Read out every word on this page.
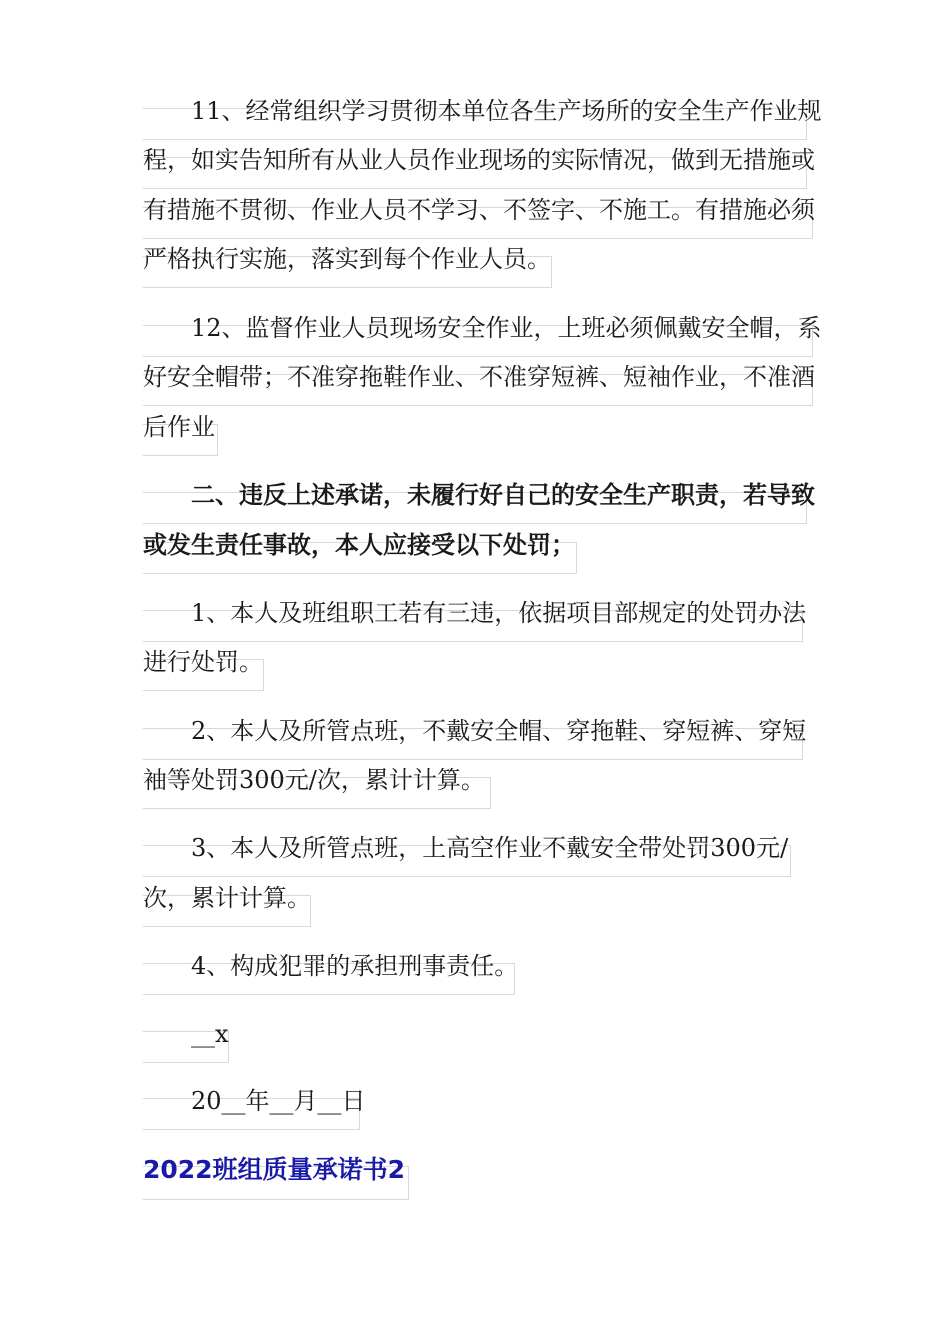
11、经常组织学习贯彻本单位各生产场所的安全生产作业规
程，如实告知所有从业人员作业现场的实际情况，做到无措施或
有措施不贯彻、作业人员不学习、不签字、不施工。有措施必须
严格执行实施，落实到每个作业人员。
12、监督作业人员现场安全作业，上班必须佩戴安全帽，系
好安全帽带；不准穿拖鞋作业、不准穿短裤、短袖作业，不准酒
后作业
二、违反上述承诺，未履行好自己的安全生产职责，若导致
或发生责任事故，本人应接受以下处罚；
1、本人及班组职工若有三违，依据项目部规定的处罚办法
进行处罚。
2、本人及所管点班，不戴安全帽、穿拖鞋、穿短裤、穿短
袖等处罚300元/次，累计计算。
3、本人及所管点班，上高空作业不戴安全带处罚300元/
次，累计计算。
4、构成犯罪的承担刑事责任。
__x
20__年__月__日
2022班组质量承诺书2
